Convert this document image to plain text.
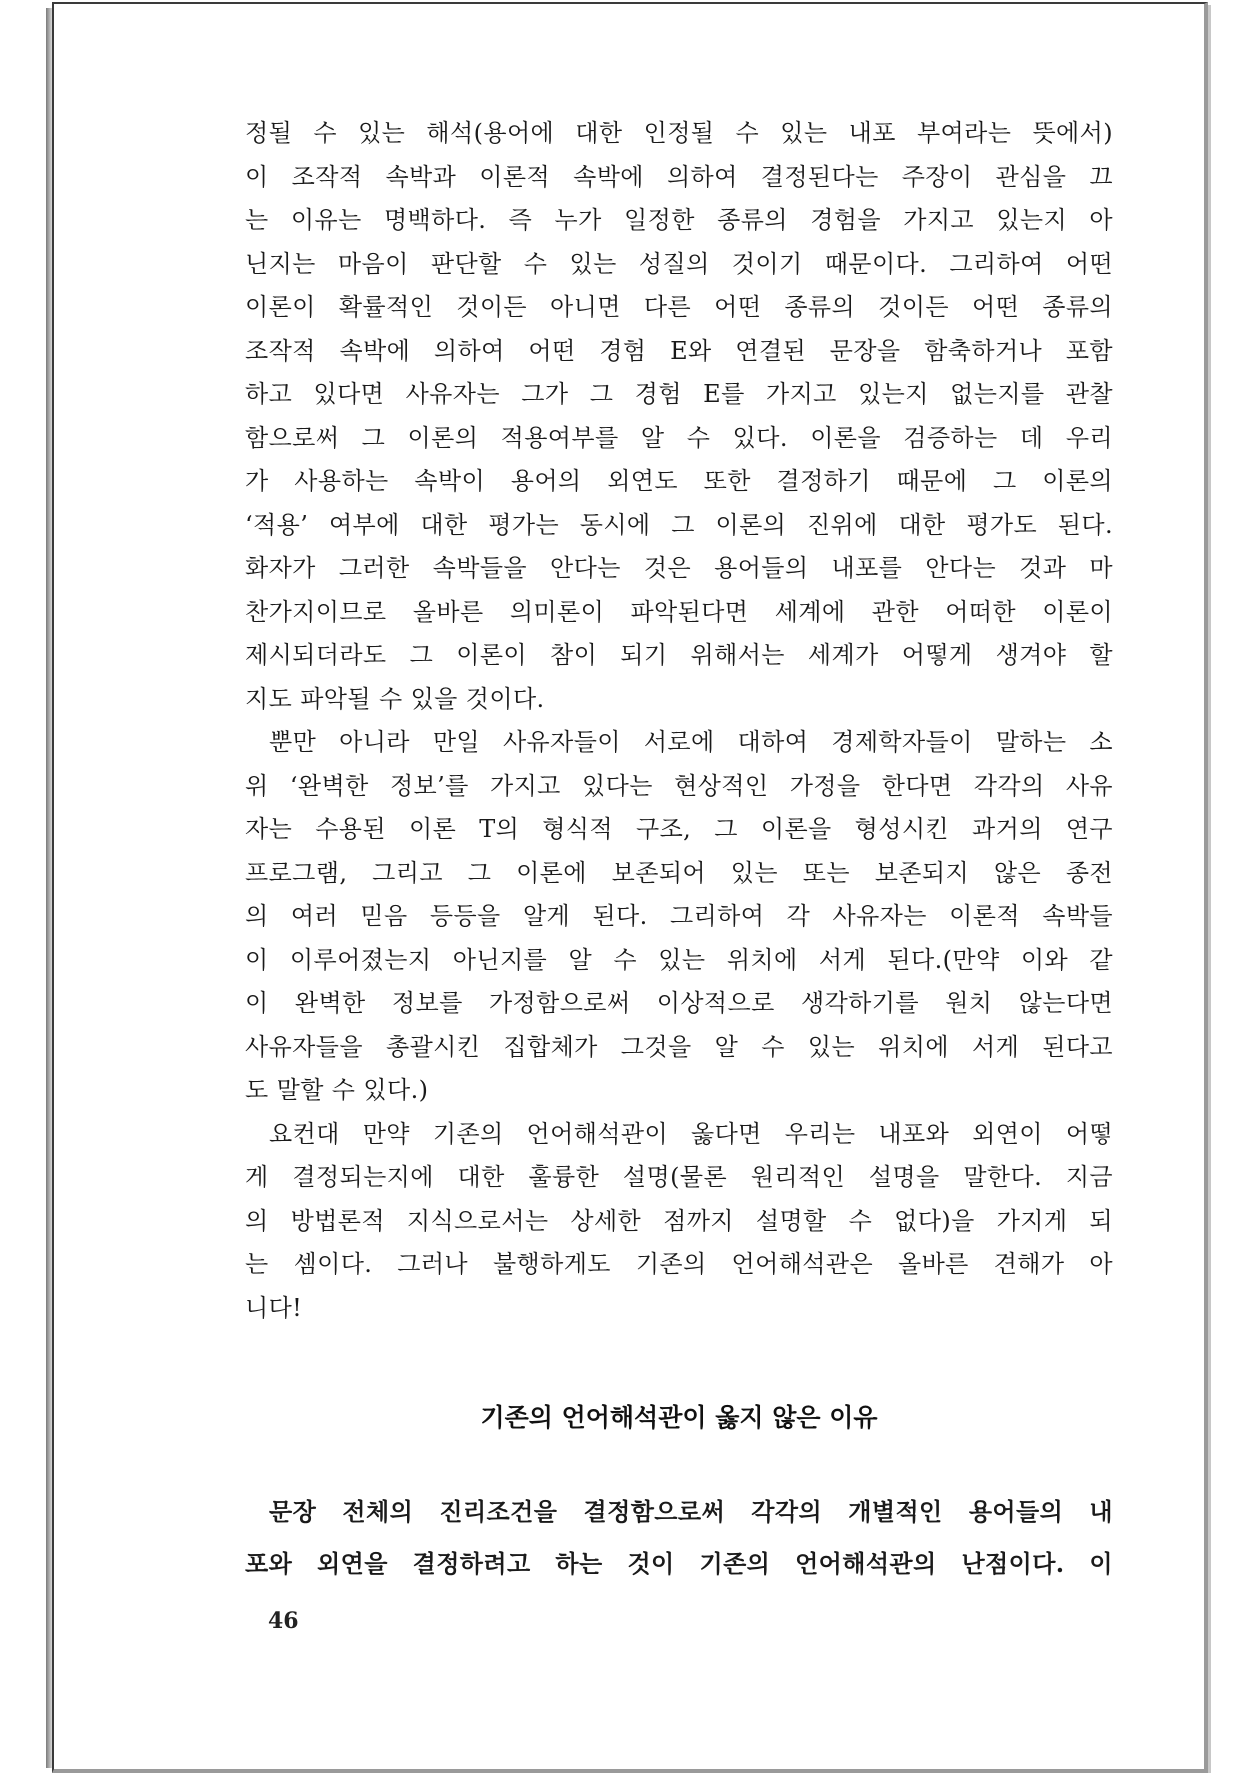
정될 수 있는 해석(용어에 대한 인정될 수 있는 내포 부여라는 뜻에서)
이 조작적 속박과 이론적 속박에 의하여 결정된다는 주장이 관심을 끄
는 이유는 명백하다. 즉 누가 일정한 종류의 경험을 가지고 있는지 아
닌지는 마음이 판단할 수 있는 성질의 것이기 때문이다. 그리하여 어떤
이론이 확률적인 것이든 아니면 다른 어떤 종류의 것이든 어떤 종류의
조작적 속박에 의하여 어떤 경험 E와 연결된 문장을 함축하거나 포함
하고 있다면 사유자는 그가 그 경험 E를 가지고 있는지 없는지를 관찰
함으로써 그 이론의 적용여부를 알 수 있다. 이론을 검증하는 데 우리
가 사용하는 속박이 용어의 외연도 또한 결정하기 때문에 그 이론의
‘적용’ 여부에 대한 평가는 동시에 그 이론의 진위에 대한 평가도 된다.
화자가 그러한 속박들을 안다는 것은 용어들의 내포를 안다는 것과 마
찬가지이므로 올바른 의미론이 파악된다면 세계에 관한 어떠한 이론이
제시되더라도 그 이론이 참이 되기 위해서는 세계가 어떻게 생겨야 할
지도 파악될 수 있을 것이다.
뿐만 아니라 만일 사유자들이 서로에 대하여 경제학자들이 말하는 소
위 ‘완벽한 정보’를 가지고 있다는 현상적인 가정을 한다면 각각의 사유
자는 수용된 이론 T의 형식적 구조, 그 이론을 형성시킨 과거의 연구
프로그램, 그리고 그 이론에 보존되어 있는 또는 보존되지 않은 종전
의 여러 믿음 등등을 알게 된다. 그리하여 각 사유자는 이론적 속박들
이 이루어졌는지 아닌지를 알 수 있는 위치에 서게 된다.(만약 이와 같
이 완벽한 정보를 가정함으로써 이상적으로 생각하기를 원치 않는다면
사유자들을 총괄시킨 집합체가 그것을 알 수 있는 위치에 서게 된다고
도 말할 수 있다.)
요컨대 만약 기존의 언어해석관이 옳다면 우리는 내포와 외연이 어떻
게 결정되는지에 대한 훌륭한 설명(물론 원리적인 설명을 말한다. 지금
의 방법론적 지식으로서는 상세한 점까지 설명할 수 없다)을 가지게 되
는 셈이다. 그러나 불행하게도 기존의 언어해석관은 올바른 견해가 아
니다!
기존의 언어해석관이 옳지 않은 이유
문장 전체의 진리조건을 결정함으로써 각각의 개별적인 용어들의 내
포와 외연을 결정하려고 하는 것이 기존의 언어해석관의 난점이다. 이
46
